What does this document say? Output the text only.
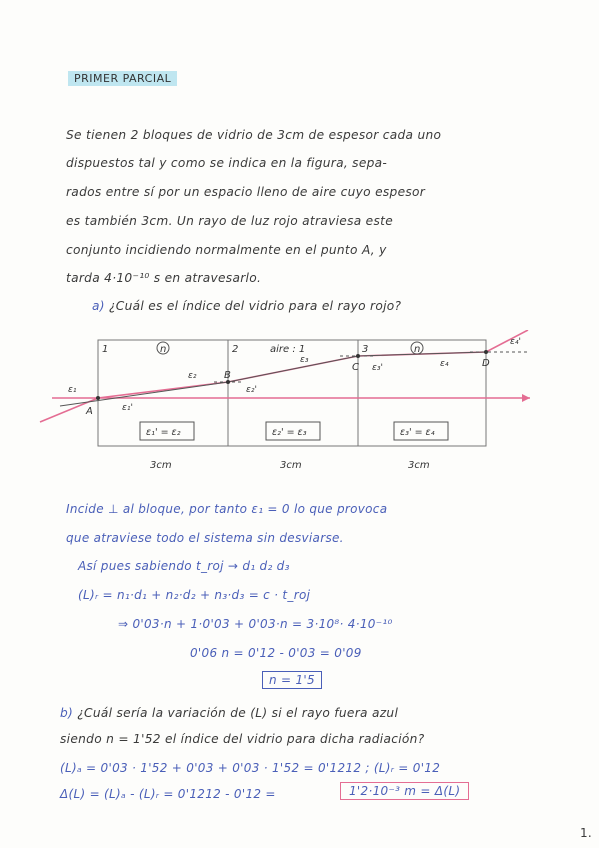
PRIMER PARCIAL
Se tienen 2 bloques de vidrio de 3cm de espesor cada uno
dispuestos tal y como se indica en la figura, sepa-
rados entre sí por un espacio lleno de aire cuyo espesor
es también 3cm. Un rayo de luz rojo atraviesa este
conjunto incidiendo normalmente en el punto A, y
tarda 4·10⁻¹⁰ s en atravesarlo.
a) ¿Cuál es el índice del vidrio para el rayo rojo?
1	2	3
n	aire : 1	n
A
B
C	D
ε₁
ε₁'
ε₂
ε₂'
ε₃
ε₃'	ε₄
ε₄'
ε₁' = ε₂	ε₂' = ε₃	ε₃' = ε₄
3cm	3cm	3cm
Incide ⊥ al bloque, por tanto ε₁ = 0 lo que provoca
que atraviese todo el sistema sin desviarse.
Así pues sabiendo t_roj → d₁ d₂ d₃
(L)ᵣ = n₁·d₁ + n₂·d₂ + n₃·d₃ = c · t_roj
⇒ 0'03·n + 1·0'03 + 0'03·n = 3·10⁸· 4·10⁻¹⁰
0'06 n = 0'12 - 0'03 = 0'09
n = 1'5
b) ¿Cuál sería la variación de (L) si el rayo fuera azul
siendo n = 1'52 el índice del vidrio para dicha radiación?
(L)ₐ = 0'03 · 1'52 + 0'03 + 0'03 · 1'52 = 0'1212 ; (L)ᵣ = 0'12
Δ(L) = (L)ₐ - (L)ᵣ = 0'1212 - 0'12 =	1'2·10⁻³ m = Δ(L)
1.
